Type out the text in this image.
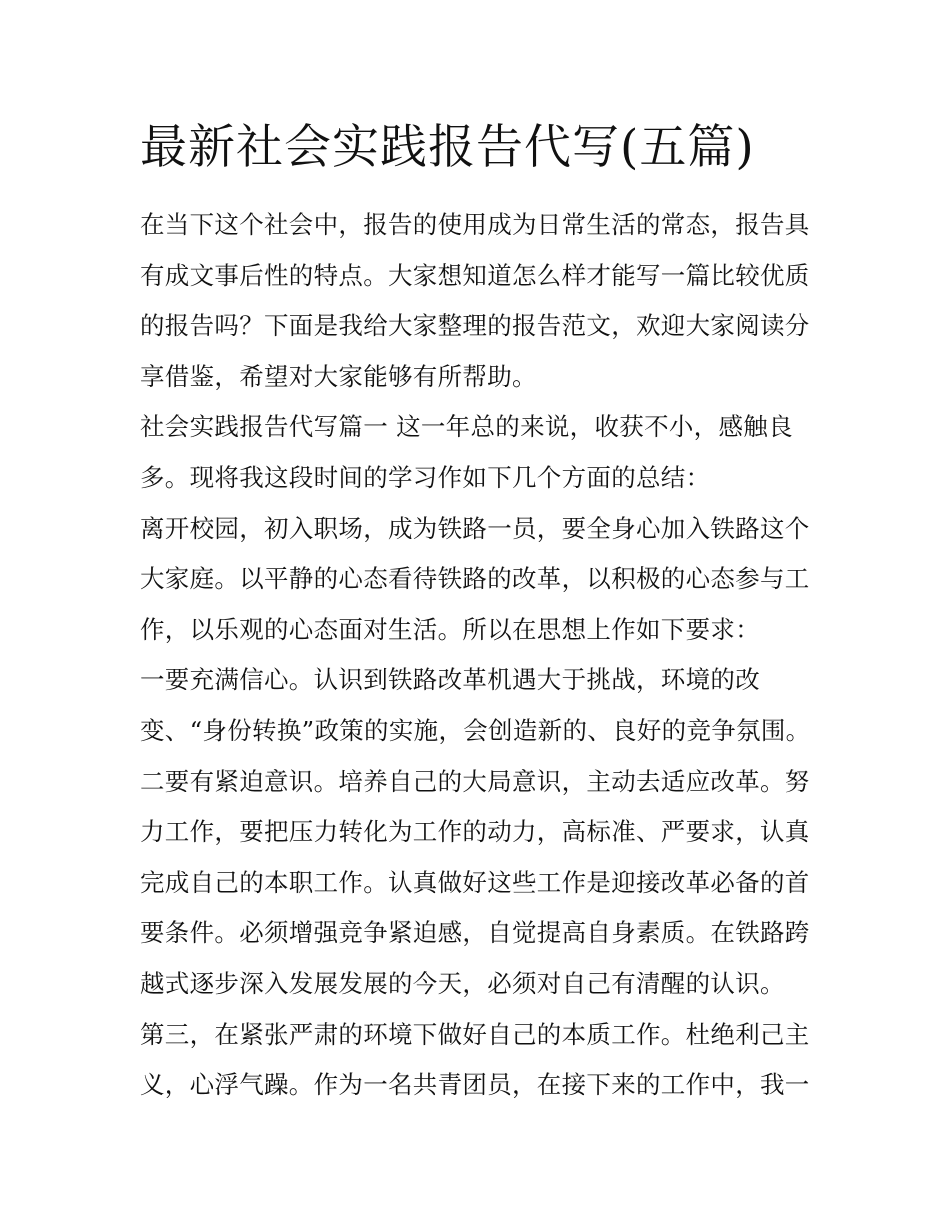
最新社会实践报告代写(五篇)
在当下这个社会中，报告的使用成为日常生活的常态，报告具
有成文事后性的特点。大家想知道怎么样才能写一篇比较优质
的报告吗？下面是我给大家整理的报告范文，欢迎大家阅读分
享借鉴，希望对大家能够有所帮助。
社会实践报告代写篇一 这一年总的来说，收获不小，感触良
多。现将我这段时间的学习作如下几个方面的总结：
离开校园，初入职场，成为铁路一员，要全身心加入铁路这个
大家庭。以平静的心态看待铁路的改革，以积极的心态参与工
作，以乐观的心态面对生活。所以在思想上作如下要求：
一要充满信心。认识到铁路改革机遇大于挑战，环境的改
变、“身份转换”政策的实施，会创造新的、良好的竞争氛围。
二要有紧迫意识。培养自己的大局意识，主动去适应改革。努
力工作，要把压力转化为工作的动力，高标准、严要求，认真
完成自己的本职工作。认真做好这些工作是迎接改革必备的首
要条件。必须增强竞争紧迫感，自觉提高自身素质。在铁路跨
越式逐步深入发展发展的今天，必须对自己有清醒的认识。
第三，在紧张严肃的环境下做好自己的本质工作。杜绝利己主
义，心浮气躁。作为一名共青团员，在接下来的工作中，我一
